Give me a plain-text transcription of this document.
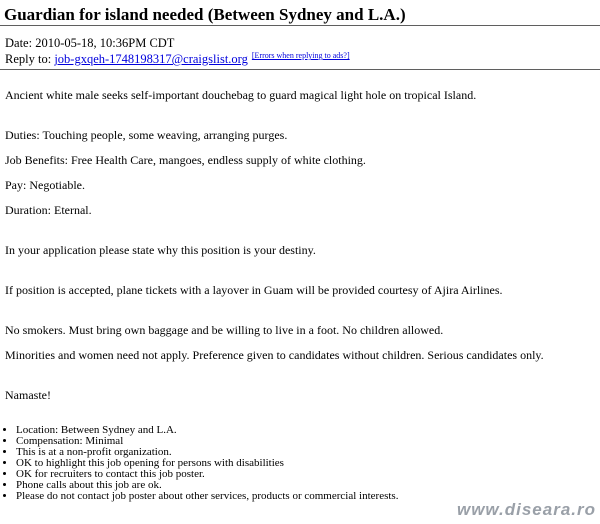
Guardian for island needed (Between Sydney and L.A.)
Date: 2010-05-18, 10:36PM CDT
Reply to: job-gxqeh-1748198317@craigslist.org [Errors when replying to ads?]

Ancient white male seeks self-important douchebag to guard magical light hole on tropical Island.

Duties: Touching people, some weaving, arranging purges.

Job Benefits: Free Health Care, mangoes, endless supply of white clothing.

Pay: Negotiable.

Duration: Eternal.

In your application please state why this position is your destiny.

If position is accepted, plane tickets with a layover in Guam will be provided courtesy of Ajira Airlines.

No smokers. Must bring own baggage and be willing to live in a foot. No children allowed.

Minorities and women need not apply. Preference given to candidates without children. Serious candidates only.

Namaste!

• Location: Between Sydney and L.A.
• Compensation: Minimal
• This is at a non-profit organization.
• OK to highlight this job opening for persons with disabilities
• OK for recruiters to contact this job poster.
• Phone calls about this job are ok.
• Please do not contact job poster about other services, products or commercial interests.
www.diseara.ro
